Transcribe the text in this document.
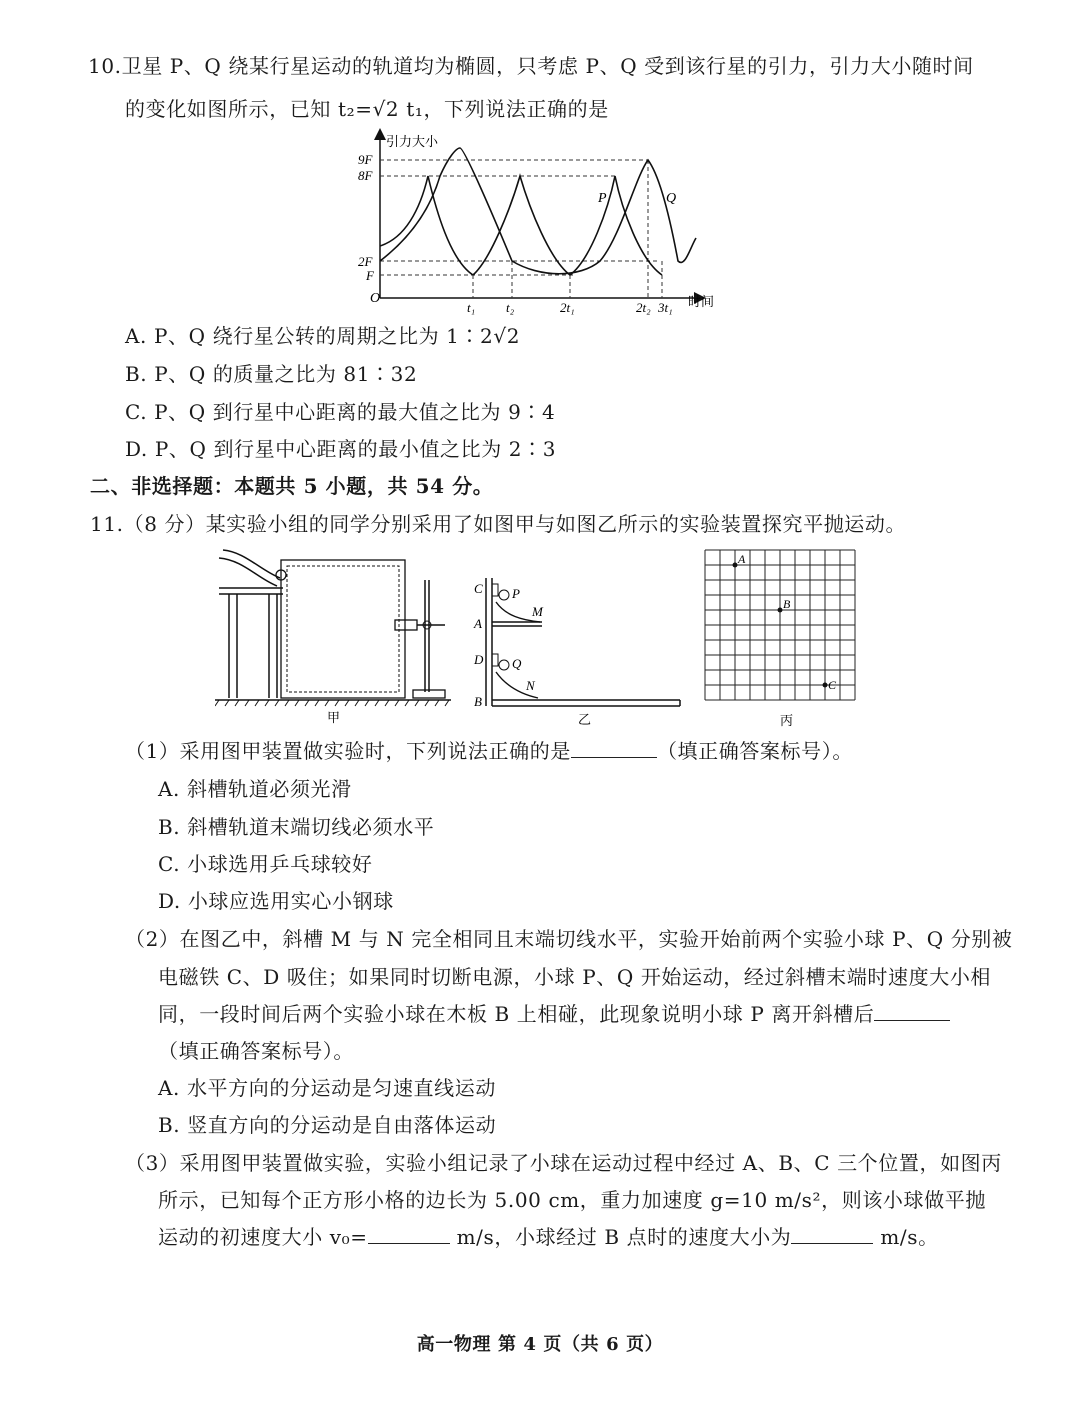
10.卫星 P、Q 绕某行星运动的轨道均为椭圆，只考虑 P、Q 受到该行星的引力，引力大小随时间
的变化如图所示，已知 t₂=√2 t₁，下列说法正确的是
引力大小
时间
O
9F
8F
2F
F
t₁ t₂	2t₁	2t₂ 3t₁
P	Q
A. P、Q 绕行星公转的周期之比为 1∶2√2
B. P、Q 的质量之比为 81∶32
C. P、Q 到行星中心距离的最大值之比为 9∶4
D. P、Q 到行星中心距离的最小值之比为 2∶3
二、非选择题：本题共 5 小题，共 54 分。
11.（8 分）某实验小组的同学分别采用了如图甲与如图乙所示的实验装置探究平抛运动。
甲
C P
M
A
D Q
N
B
乙
A
B
C
丙
（1）采用图甲装置做实验时，下列说法正确的是	（填正确答案标号）。
A. 斜槽轨道必须光滑
B. 斜槽轨道末端切线必须水平
C. 小球选用乒乓球较好
D. 小球应选用实心小钢球
（2）在图乙中，斜槽 M 与 N 完全相同且末端切线水平，实验开始前两个实验小球 P、Q 分别被
电磁铁 C、D 吸住；如果同时切断电源，小球 P、Q 开始运动，经过斜槽末端时速度大小相
同，一段时间后两个实验小球在木板 B 上相碰，此现象说明小球 P 离开斜槽后
（填正确答案标号）。
A. 水平方向的分运动是匀速直线运动
B. 竖直方向的分运动是自由落体运动
（3）采用图甲装置做实验，实验小组记录了小球在运动过程中经过 A、B、C 三个位置，如图丙
所示，已知每个正方形小格的边长为 5.00 cm，重力加速度 g=10 m/s²，则该小球做平抛
运动的初速度大小 v₀=	m/s，小球经过 B 点时的速度大小为	m/s。
高一物理 第 4 页（共 6 页）
